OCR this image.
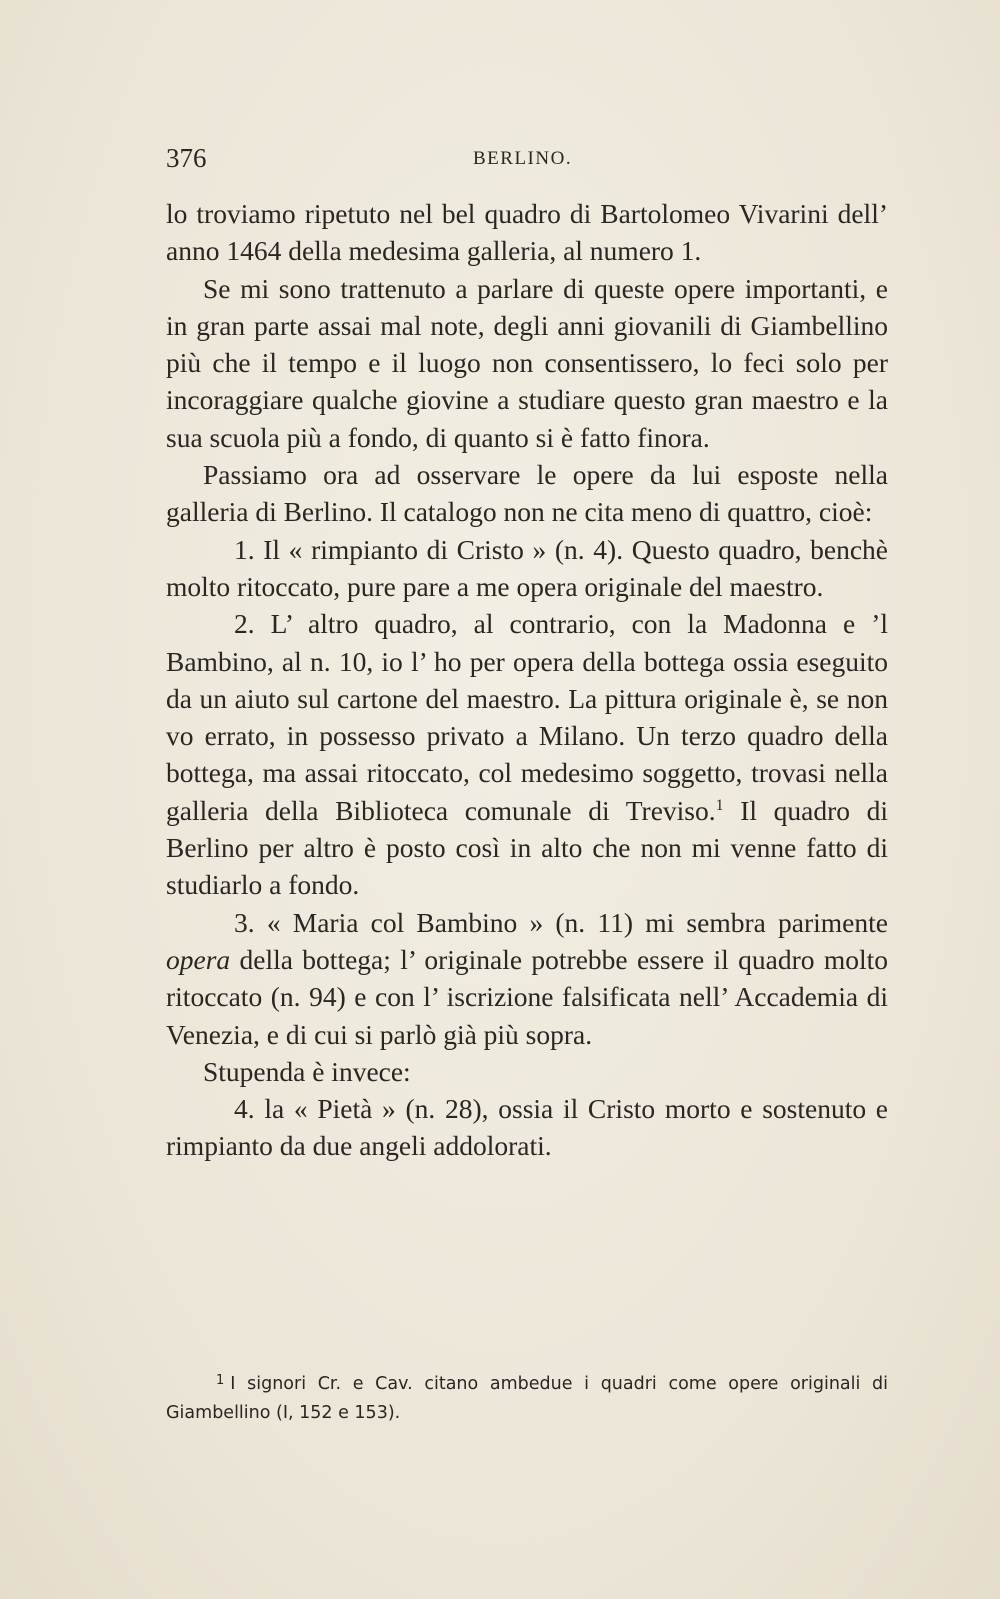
376	BERLINO.

lo troviamo ripetuto nel bel quadro di Bartolomeo Vivarini dell’ anno 1464 della medesima galleria, al numero 1.

Se mi sono trattenuto a parlare di queste opere importanti, e in gran parte assai mal note, degli anni giovanili di Giambellino più che il tempo e il luogo non consentissero, lo feci solo per incoraggiare qualche giovine a studiare questo gran maestro e la sua scuola più a fondo, di quanto si è fatto finora.

Passiamo ora ad osservare le opere da lui esposte nella galleria di Berlino. Il catalogo non ne cita meno di quattro, cioè:

1. Il « rimpianto di Cristo » (n. 4). Questo quadro, benchè molto ritoccato, pure pare a me opera originale del maestro.

2. L’ altro quadro, al contrario, con la Madonna e ’l Bambino, al n. 10, io l’ ho per opera della bottega ossia eseguito da un aiuto sul cartone del maestro. La pittura originale è, se non vo errato, in possesso privato a Milano. Un terzo quadro della bottega, ma assai ritoccato, col medesimo soggetto, trovasi nella galleria della Biblioteca comunale di Treviso.$^1$ Il quadro di Berlino per altro è posto così in alto che non mi venne fatto di studiarlo a fondo.

3. « Maria col Bambino » (n. 11) mi sembra parimente opera della bottega; l’ originale potrebbe essere il quadro molto ritoccato (n. 94) e con l’ iscrizione falsificata nell’ Accademia di Venezia, e di cui si parlò già più sopra.

Stupenda è invece:

4. la « Pietà » (n. 28), ossia il Cristo morto e sostenuto e rimpianto da due angeli addolorati.

$^1$ I signori Cr. e Cav. citano ambedue i quadri come opere originali di Giambellino (I, 152 e 153).
